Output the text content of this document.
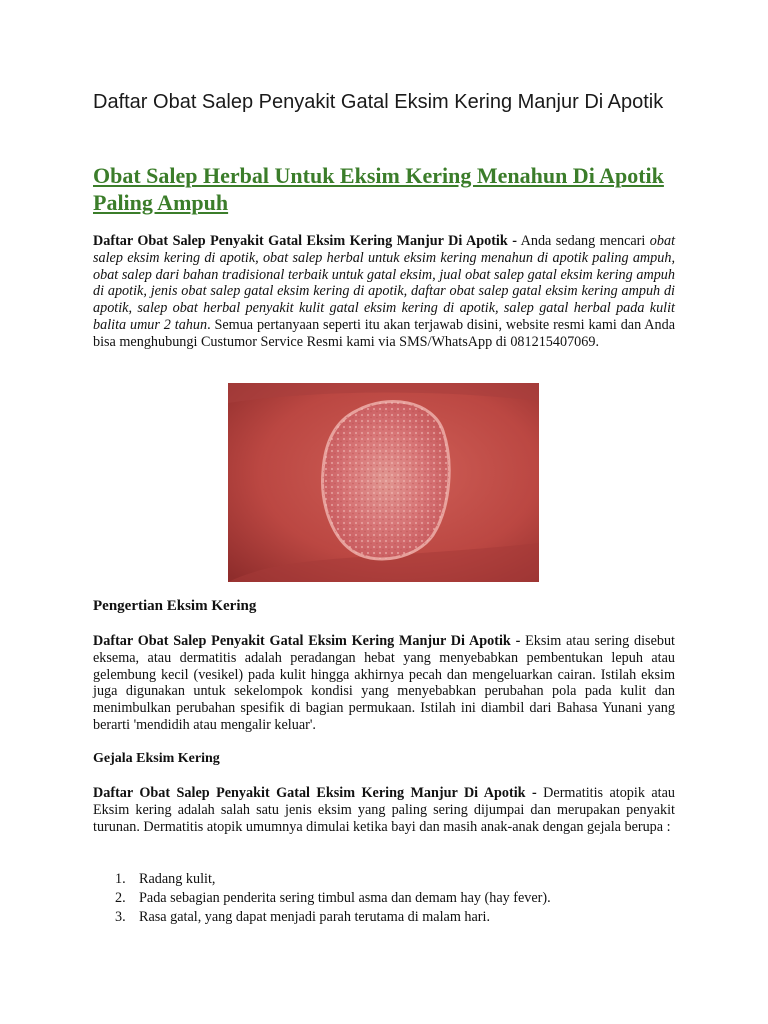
Daftar Obat Salep Penyakit Gatal Eksim Kering Manjur Di Apotik
Obat Salep Herbal Untuk Eksim Kering Menahun Di Apotik Paling Ampuh

Daftar Obat Salep Penyakit Gatal Eksim Kering Manjur Di Apotik - Anda sedang mencari obat salep eksim kering di apotik, obat salep herbal untuk eksim kering menahun di apotik paling ampuh, obat salep dari bahan tradisional terbaik untuk gatal eksim, jual obat salep gatal eksim kering ampuh di apotik, jenis obat salep gatal eksim kering di apotik, daftar obat salep gatal eksim kering ampuh di apotik, salep obat herbal penyakit kulit gatal eksim kering di apotik, salep gatal herbal pada kulit balita umur 2 tahun. Semua pertanyaan seperti itu akan terjawab disini, website resmi kami dan Anda bisa menghubungi Custumor Service Resmi kami via SMS/WhatsApp di 081215407069.

Pengertian Eksim Kering

Daftar Obat Salep Penyakit Gatal Eksim Kering Manjur Di Apotik - Eksim atau sering disebut eksema, atau dermatitis adalah peradangan hebat yang menyebabkan pembentukan lepuh atau gelembung kecil (vesikel) pada kulit hingga akhirnya pecah dan mengeluarkan cairan. Istilah eksim juga digunakan untuk sekelompok kondisi yang menyebabkan perubahan pola pada kulit dan menimbulkan perubahan spesifik di bagian permukaan. Istilah ini diambil dari Bahasa Yunani yang berarti 'mendidih atau mengalir keluar'.

Gejala Eksim Kering

Daftar Obat Salep Penyakit Gatal Eksim Kering Manjur Di Apotik - Dermatitis atopik atau Eksim kering adalah salah satu jenis eksim yang paling sering dijumpai dan merupakan penyakit turunan. Dermatitis atopik umumnya dimulai ketika bayi dan masih anak-anak dengan gejala berupa :

1. Radang kulit,
2. Pada sebagian penderita sering timbul asma dan demam hay (hay fever).
3. Rasa gatal, yang dapat menjadi parah terutama di malam hari.
